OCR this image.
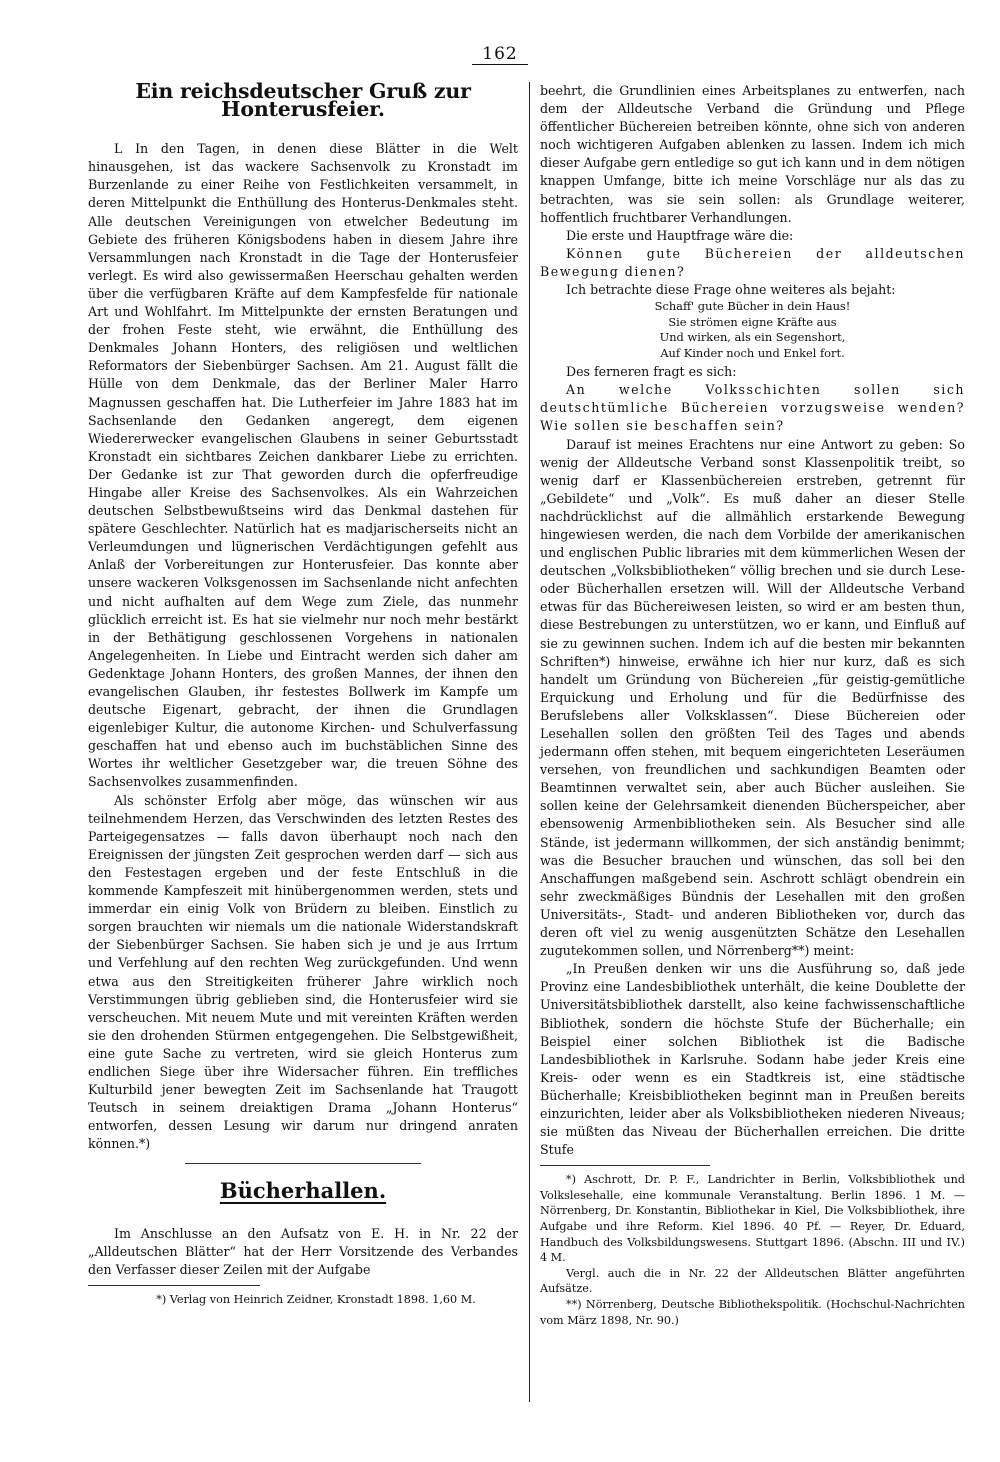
162
Ein reichsdeutscher Gruß zur Honterusfeier.

L In den Tagen, in denen diese Blätter in die Welt hinausgehen, ist das wackere Sachsenvolk zu Kronstadt im Burzenlande zu einer Reihe von Festlichkeiten versammelt, in deren Mittelpunkt die Enthüllung des Honterus-Denkmales steht. Alle deutschen Vereinigungen von etwelcher Bedeutung im Gebiete des früheren Königsbodens haben in diesem Jahre ihre Versammlungen nach Kronstadt in die Tage der Honterusfeier verlegt. Es wird also gewissermaßen Heerschau gehalten werden über die verfügbaren Kräfte auf dem Kampfesfelde für nationale Art und Wohlfahrt. Im Mittelpunkte der ernsten Beratungen und der frohen Feste steht, wie erwähnt, die Enthüllung des Denkmales Johann Honters, des religiösen und weltlichen Reformators der Siebenbürger Sachsen. Am 21. August fällt die Hülle von dem Denkmale, das der Berliner Maler Harro Magnussen geschaffen hat. Die Lutherfeier im Jahre 1883 hat im Sachsenlande den Gedanken angeregt, dem eigenen Wiedererwecker evangelischen Glaubens in seiner Geburtsstadt Kronstadt ein sichtbares Zeichen dankbarer Liebe zu errichten. Der Gedanke ist zur That geworden durch die opferfreudige Hingabe aller Kreise des Sachsenvolkes. Als ein Wahrzeichen deutschen Selbstbewußtseins wird das Denkmal dastehen für spätere Geschlechter. Natürlich hat es madjarischerseits nicht an Verleumdungen und lügnerischen Verdächtigungen gefehlt aus Anlaß der Vorbereitungen zur Honterusfeier. Das konnte aber unsere wackeren Volksgenossen im Sachsenlande nicht anfechten und nicht aufhalten auf dem Wege zum Ziele, das nunmehr glücklich erreicht ist. Es hat sie vielmehr nur noch mehr bestärkt in der Bethätigung geschlossenen Vorgehens in nationalen Angelegenheiten. In Liebe und Eintracht werden sich daher am Gedenktage Johann Honters, des großen Mannes, der ihnen den evangelischen Glauben, ihr festestes Bollwerk im Kampfe um deutsche Eigenart, gebracht, der ihnen die Grundlagen eigenlebiger Kultur, die autonome Kirchen- und Schulverfassung geschaffen hat und ebenso auch im buchstäblichen Sinne des Wortes ihr weltlicher Gesetzgeber war, die treuen Söhne des Sachsenvolkes zusammenfinden.

Als schönster Erfolg aber möge, das wünschen wir aus teilnehmendem Herzen, das Verschwinden des letzten Restes des Parteigegensatzes — falls davon überhaupt noch nach den Ereignissen der jüngsten Zeit gesprochen werden darf — sich aus den Festestagen ergeben und der feste Entschluß in die kommende Kampfeszeit mit hinübergenommen werden, stets und immerdar ein einig Volk von Brüdern zu bleiben. Einstlich zu sorgen brauchten wir niemals um die nationale Widerstandskraft der Siebenbürger Sachsen. Sie haben sich je und je aus Irrtum und Verfehlung auf den rechten Weg zurückgefunden. Und wenn etwa aus den Streitigkeiten früherer Jahre wirklich noch Verstimmungen übrig geblieben sind, die Honterusfeier wird sie verscheuchen. Mit neuem Mute und mit vereinten Kräften werden sie den drohenden Stürmen entgegengehen. Die Selbstgewißheit, eine gute Sache zu vertreten, wird sie gleich Honterus zum endlichen Siege über ihre Widersacher führen. Ein treffliches Kulturbild jener bewegten Zeit im Sachsenlande hat Traugott Teutsch in seinem dreiaktigen Drama „Johann Honterus“ entworfen, dessen Lesung wir darum nur dringend anraten können.*)

Bücherhallen.

Im Anschlusse an den Aufsatz von E. H. in Nr. 22 der „Alldeutschen Blätter“ hat der Herr Vorsitzende des Verbandes den Verfasser dieser Zeilen mit der Aufgabe

*) Verlag von Heinrich Zeidner, Kronstadt 1898. 1,60 M.

beehrt, die Grundlinien eines Arbeitsplanes zu entwerfen, nach dem der Alldeutsche Verband die Gründung und Pflege öffentlicher Büchereien betreiben könnte, ohne sich von anderen noch wichtigeren Aufgaben ablenken zu lassen. Indem ich mich dieser Aufgabe gern entledige so gut ich kann und in dem nötigen knappen Umfange, bitte ich meine Vorschläge nur als das zu betrachten, was sie sein sollen: als Grundlage weiterer, hoffentlich fruchtbarer Verhandlungen.

Die erste und Hauptfrage wäre die:

Können gute Büchereien der alldeutschen Bewegung dienen?

Ich betrachte diese Frage ohne weiteres als bejaht:

Schaff' gute Bücher in dein Haus!
Sie strömen eigne Kräfte aus
Und wirken, als ein Segenshort,
Auf Kinder noch und Enkel fort.

Des ferneren fragt es sich:

An welche Volksschichten sollen sich deutschtümliche Büchereien vorzugsweise wenden? Wie sollen sie beschaffen sein?

Darauf ist meines Erachtens nur eine Antwort zu geben: So wenig der Alldeutsche Verband sonst Klassenpolitik treibt, so wenig darf er Klassenbüchereien erstreben, getrennt für „Gebildete“ und „Volk“. Es muß daher an dieser Stelle nachdrücklichst auf die allmählich erstarkende Bewegung hingewiesen werden, die nach dem Vorbilde der amerikanischen und englischen Public libraries mit dem kümmerlichen Wesen der deutschen „Volksbibliotheken“ völlig brechen und sie durch Lese- oder Bücherhallen ersetzen will. Will der Alldeutsche Verband etwas für das Büchereiwesen leisten, so wird er am besten thun, diese Bestrebungen zu unterstützen, wo er kann, und Einfluß auf sie zu gewinnen suchen. Indem ich auf die besten mir bekannten Schriften*) hinweise, erwähne ich hier nur kurz, daß es sich handelt um Gründung von Büchereien „für geistig-gemütliche Erquickung und Erholung und für die Bedürfnisse des Berufslebens aller Volksklassen“. Diese Büchereien oder Lesehallen sollen den größten Teil des Tages und abends jedermann offen stehen, mit bequem eingerichteten Leseräumen versehen, von freundlichen und sachkundigen Beamten oder Beamtinnen verwaltet sein, aber auch Bücher ausleihen. Sie sollen keine der Gelehrsamkeit dienenden Bücherspeicher, aber ebensowenig Armenbibliotheken sein. Als Besucher sind alle Stände, ist jedermann willkommen, der sich anständig benimmt; was die Besucher brauchen und wünschen, das soll bei den Anschaffungen maßgebend sein. Aschrott schlägt obendrein ein sehr zweckmäßiges Bündnis der Lesehallen mit den großen Universitäts-, Stadt- und anderen Bibliotheken vor, durch das deren oft viel zu wenig ausgenützten Schätze den Lesehallen zugutekommen sollen, und Nörrenberg**) meint:

„In Preußen denken wir uns die Ausführung so, daß jede Provinz eine Landesbibliothek unterhält, die keine Doublette der Universitätsbibliothek darstellt, also keine fachwissenschaftliche Bibliothek, sondern die höchste Stufe der Bücherhalle; ein Beispiel einer solchen Bibliothek ist die Badische Landesbibliothek in Karlsruhe. Sodann habe jeder Kreis eine Kreis- oder wenn es ein Stadtkreis ist, eine städtische Bücherhalle; Kreisbibliotheken beginnt man in Preußen bereits einzurichten, leider aber als Volksbibliotheken niederen Niveaus; sie müßten das Niveau der Bücherhallen erreichen. Die dritte Stufe

*) Aschrott, Dr. P. F., Landrichter in Berlin, Volksbibliothek und Volkslesehalle, eine kommunale Veranstaltung. Berlin 1896. 1 M. — Nörrenberg, Dr. Konstantin, Bibliothekar in Kiel, Die Volksbibliothek, ihre Aufgabe und ihre Reform. Kiel 1896. 40 Pf. — Reyer, Dr. Eduard, Handbuch des Volksbildungswesens. Stuttgart 1896. (Abschn. III und IV.) 4 M.

Vergl. auch die in Nr. 22 der Alldeutschen Blätter angeführten Aufsätze.

**) Nörrenberg, Deutsche Bibliothekspolitik. (Hochschul-Nachrichten vom März 1898, Nr. 90.)
